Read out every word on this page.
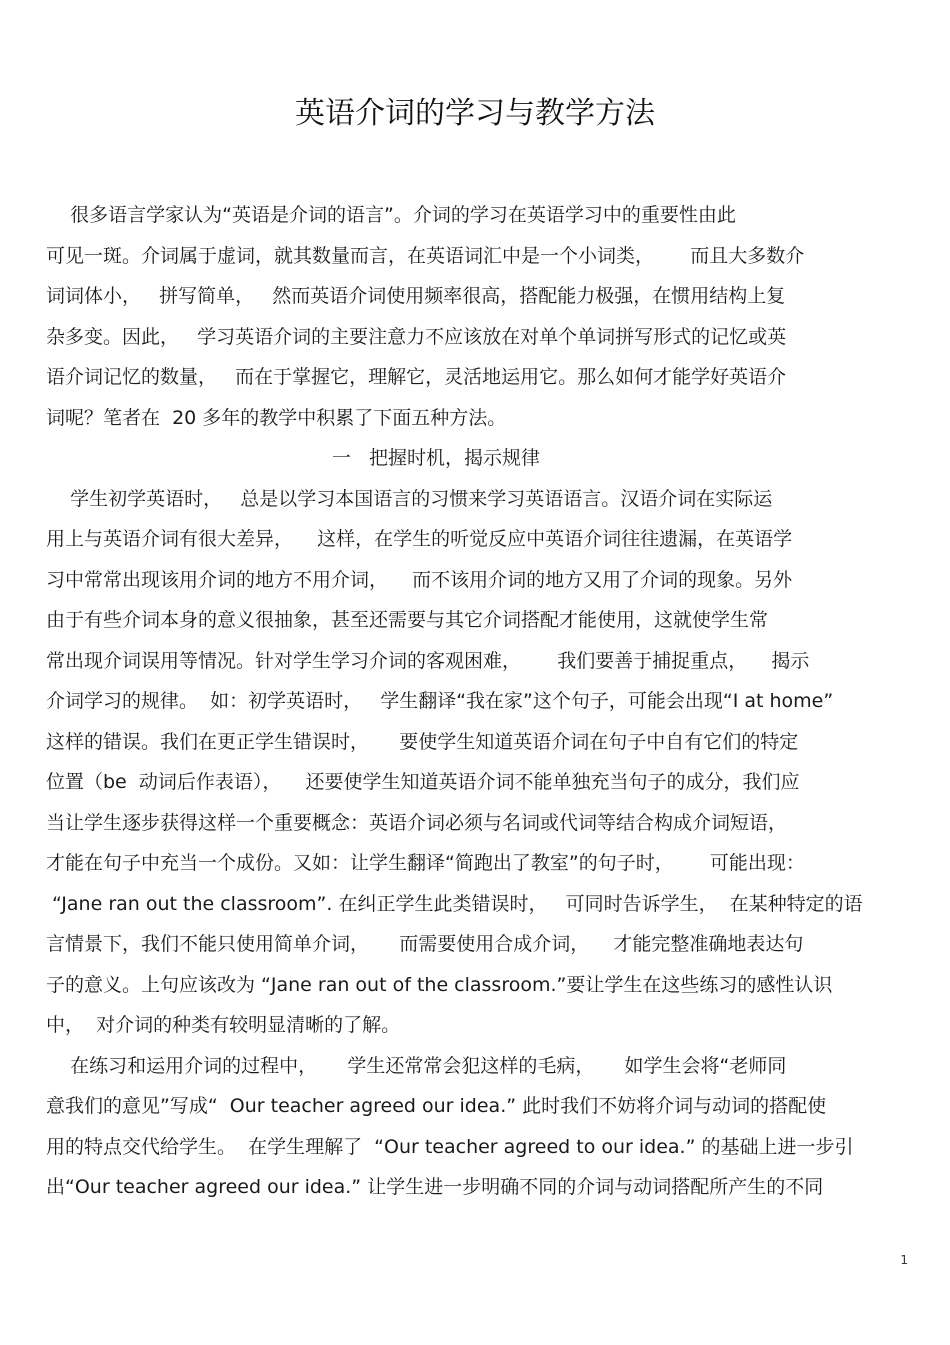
英语介词的学习与教学方法
很多语言学家认为“英语是介词的语言”。介词的学习在英语学习中的重要性由此
可见一斑。介词属于虚词，就其数量而言，在英语词汇中是一个小词类，      而且大多数介
词词体小，   拼写简单，   然而英语介词使用频率很高，搭配能力极强，在惯用结构上复
杂多变。因此，   学习英语介词的主要注意力不应该放在对单个单词拼写形式的记忆或英
语介词记忆的数量，   而在于掌握它，理解它，灵活地运用它。那么如何才能学好英语介
词呢？笔者在  20 多年的教学中积累了下面五种方法。
一   把握时机，揭示规律
学生初学英语时，   总是以学习本国语言的习惯来学习英语语言。汉语介词在实际运
用上与英语介词有很大差异，    这样，在学生的听觉反应中英语介词往往遗漏，在英语学
习中常常出现该用介词的地方不用介词，    而不该用介词的地方又用了介词的现象。另外
由于有些介词本身的意义很抽象，甚至还需要与其它介词搭配才能使用，这就使学生常
常出现介词误用等情况。针对学生学习介词的客观困难，      我们要善于捕捉重点，    揭示
介词学习的规律。  如：初学英语时，   学生翻译“我在家”这个句子，可能会出现“I at home”
这样的错误。我们在更正学生错误时，     要使学生知道英语介词在句子中自有它们的特定
位置（be  动词后作表语），    还要使学生知道英语介词不能单独充当句子的成分，我们应
当让学生逐步获得这样一个重要概念：英语介词必须与名词或代词等结合构成介词短语，
才能在句子中充当一个成份。又如：让学生翻译“简跑出了教室”的句子时，      可能出现：
“Jane ran out the classroom”. 在纠正学生此类错误时，   可同时告诉学生，  在某种特定的语
言情景下，我们不能只使用简单介词，     而需要使用合成介词，    才能完整准确地表达句
子的意义。上句应该改为 “Jane ran out of the classroom.”要让学生在这些练习的感性认识
中，  对介词的种类有较明显清晰的了解。
在练习和运用介词的过程中，     学生还常常会犯这样的毛病，     如学生会将“老师同
意我们的意见”写成“  Our teacher agreed our idea.” 此时我们不妨将介词与动词的搭配使
用的特点交代给学生。  在学生理解了  “Our teacher agreed to our idea.” 的基础上进一步引
出“Our teacher agreed our idea.” 让学生进一步明确不同的介词与动词搭配所产生的不同
1
